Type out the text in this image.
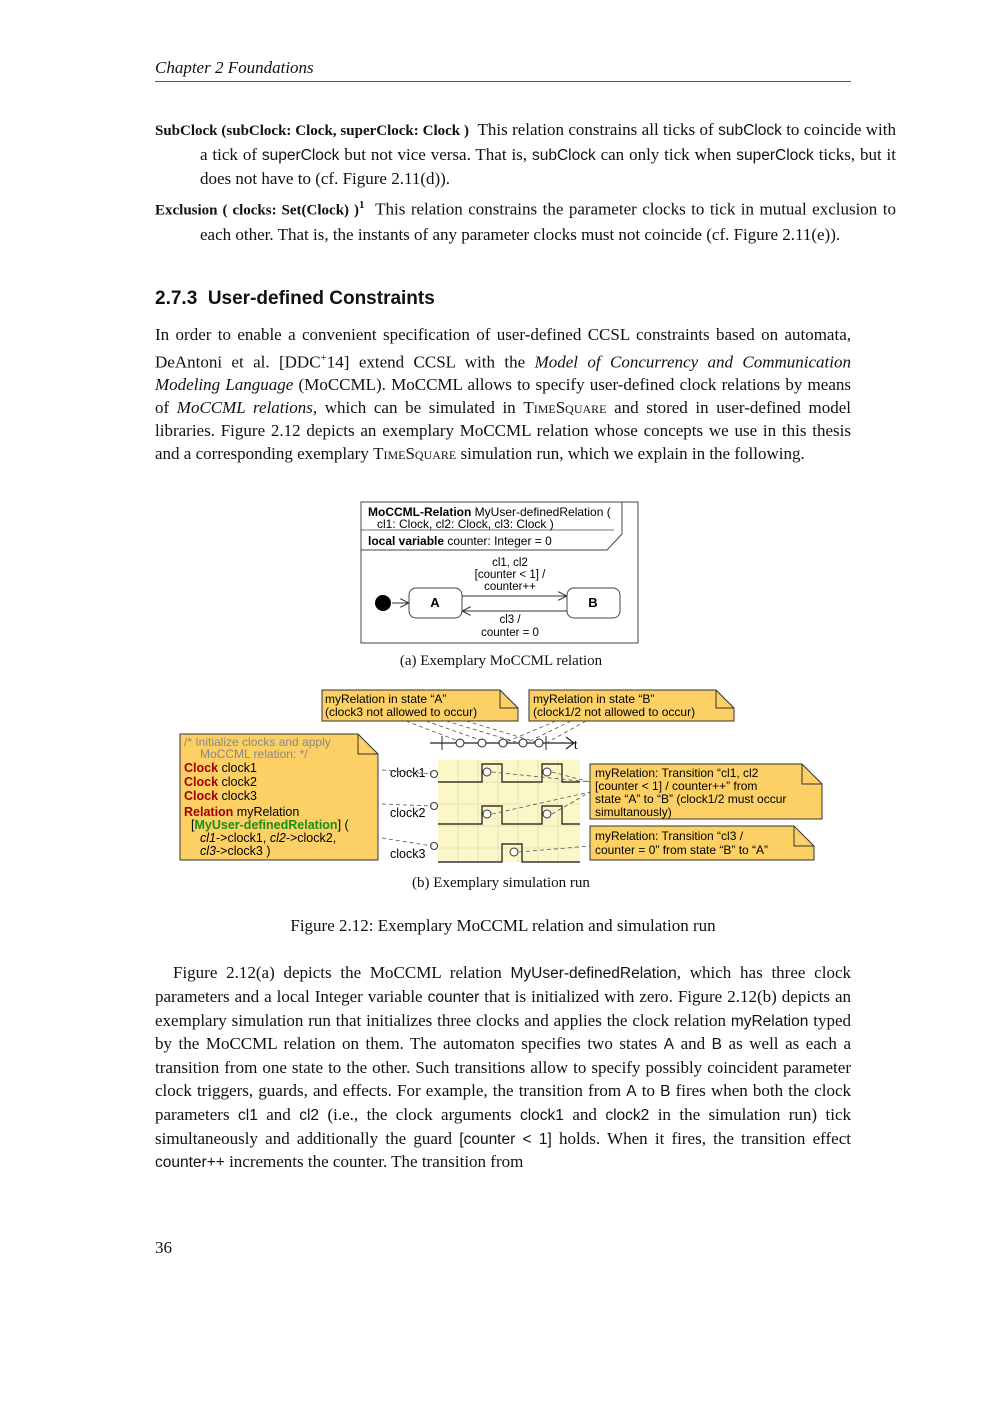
Chapter 2 Foundations
SubClock (subClock: Clock, superClock: Clock ) This relation constrains all ticks of subClock to coincide with a tick of superClock but not vice versa. That is, subClock can only tick when superClock ticks, but it does not have to (cf. Figure 2.11(d)).
Exclusion ( clocks: Set(Clock) )$^1$ This relation constrains the parameter clocks to tick in mutual exclusion to each other. That is, the instants of any parameter clocks must not coincide (cf. Figure 2.11(e)).
2.7.3 User-defined Constraints

In order to enable a convenient specification of user-defined CCSL constraints based on automata, DeAntoni et al. [DDC+14] extend CCSL with the Model of Concurrency and Communication Modeling Language (MoCCML). MoCCML allows to specify user-defined clock relations by means of MoCCML relations, which can be simulated in TimeSquare and stored in user-defined model libraries. Figure 2.12 depicts an exemplary MoCCML relation whose concepts we use in this thesis and a corresponding exemplary TimeSquare simulation run, which we explain in the following.

MoCCML-Relation MyUser-definedRelation (
cl1: Clock, cl2: Clock, cl3: Clock )
local variable counter: Integer = 0
A	B
cl1, cl2
[counter < 1] /
counter++
cl3 /
counter = 0
(a) Exemplary MoCCML relation
myRelation in state “A”
(clock3 not allowed to occur)
myRelation in state “B”
(clock1/2 not allowed to occur)
/* Initialize clocks and apply
MoCCML relation: */
Clock clock1
Clock clock2
Clock clock3
Relation myRelation
[MyUser-definedRelation] (
cl1->clock1, cl2->clock2,
cl3->clock3 )
t
clock1
clock2
clock3
myRelation: Transition “cl1, cl2
[counter < 1] / counter++” from
state “A” to “B” (clock1/2 must occur
simultanously)
myRelation: Transition “cl3 /
counter = 0” from state “B” to “A”
(b) Exemplary simulation run
Figure 2.12: Exemplary MoCCML relation and simulation run

Figure 2.12(a) depicts the MoCCML relation MyUser-definedRelation, which has three clock parameters and a local Integer variable counter that is initialized with zero. Figure 2.12(b) depicts an exemplary simulation run that initializes three clocks and applies the clock relation myRelation typed by the MoCCML relation on them. The automaton specifies two states A and B as well as each a transition from one state to the other. Such transitions allow to specify possibly coincident parameter clock triggers, guards, and effects. For example, the transition from A to B fires when both the clock parameters cl1 and cl2 (i.e., the clock arguments clock1 and clock2 in the simulation run) tick simultaneously and additionally the guard [counter < 1] holds. When it fires, the transition effect counter++ increments the counter. The transition from

36
